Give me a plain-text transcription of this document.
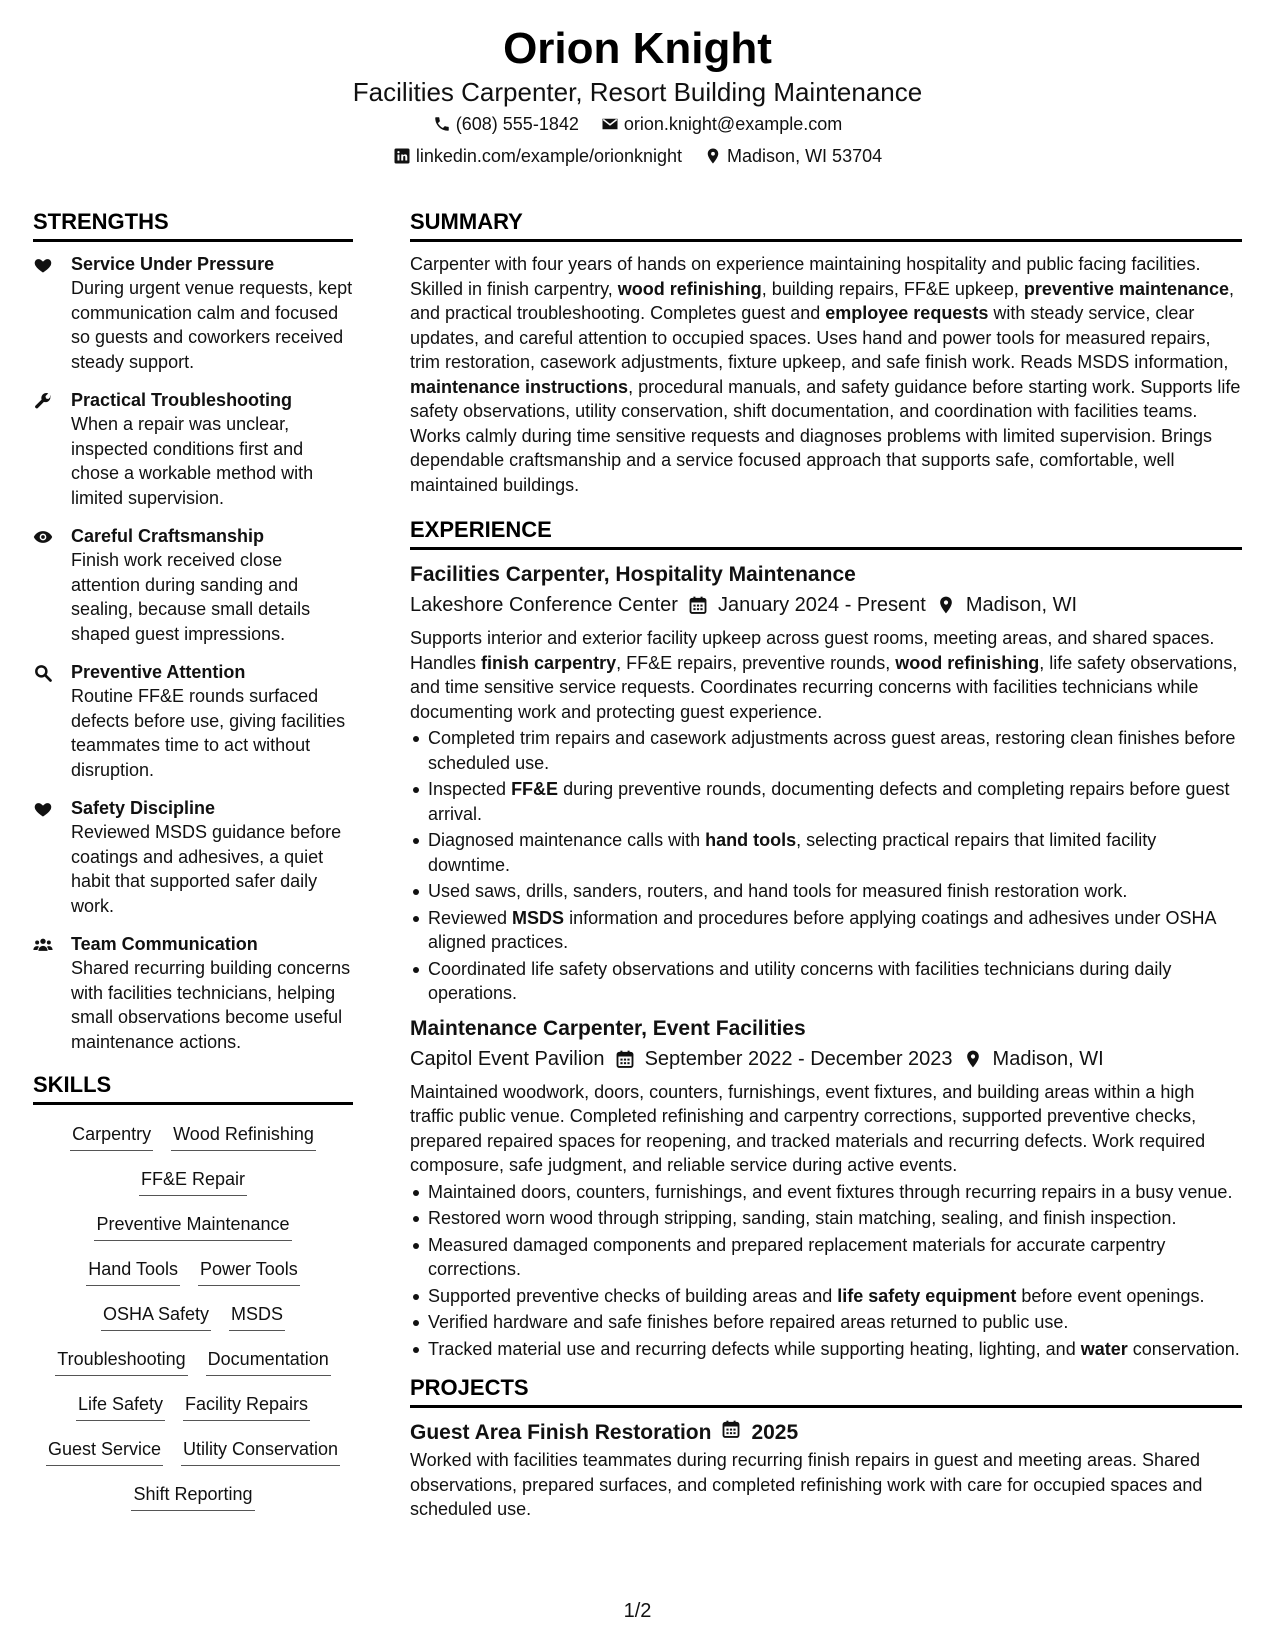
Orion Knight
Facilities Carpenter, Resort Building Maintenance
(608) 555-1842	orion.knight@example.com
linkedin.com/example/orionknight	Madison, WI 53704
STRENGTHS
Service Under Pressure
During urgent venue requests, kept communication calm and focused so guests and coworkers received steady support.
Practical Troubleshooting
When a repair was unclear, inspected conditions first and chose a workable method with limited supervision.
Careful Craftsmanship
Finish work received close attention during sanding and sealing, because small details shaped guest impressions.
Preventive Attention
Routine FF&E rounds surfaced defects before use, giving facilities teammates time to act without disruption.
Safety Discipline
Reviewed MSDS guidance before coatings and adhesives, a quiet habit that supported safer daily work.
Team Communication
Shared recurring building concerns with facilities technicians, helping small observations become useful maintenance actions.
SKILLS
Carpentry Wood Refinishing
FF&E Repair
Preventive Maintenance
Hand Tools Power Tools
OSHA Safety MSDS
Troubleshooting Documentation
Life Safety Facility Repairs
Guest Service Utility Conservation
Shift Reporting
SUMMARY
Carpenter with four years of hands on experience maintaining hospitality and public facing facilities. Skilled in finish carpentry, wood refinishing, building repairs, FF&E upkeep, preventive maintenance, and practical troubleshooting. Completes guest and employee requests with steady service, clear updates, and careful attention to occupied spaces. Uses hand and power tools for measured repairs, trim restoration, casework adjustments, fixture upkeep, and safe finish work. Reads MSDS information, maintenance instructions, procedural manuals, and safety guidance before starting work. Supports life safety observations, utility conservation, shift documentation, and coordination with facilities teams. Works calmly during time sensitive requests and diagnoses problems with limited supervision. Brings dependable craftsmanship and a service focused approach that supports safe, comfortable, well maintained buildings.
EXPERIENCE
Facilities Carpenter, Hospitality Maintenance
Lakeshore Conference Center January 2024 - Present Madison, WI
Supports interior and exterior facility upkeep across guest rooms, meeting areas, and shared spaces. Handles finish carpentry, FF&E repairs, preventive rounds, wood refinishing, life safety observations, and time sensitive service requests. Coordinates recurring concerns with facilities technicians while documenting work and protecting guest experience.
Completed trim repairs and casework adjustments across guest areas, restoring clean finishes before scheduled use.
Inspected FF&E during preventive rounds, documenting defects and completing repairs before guest arrival.
Diagnosed maintenance calls with hand tools, selecting practical repairs that limited facility downtime.
Used saws, drills, sanders, routers, and hand tools for measured finish restoration work.
Reviewed MSDS information and procedures before applying coatings and adhesives under OSHA aligned practices.
Coordinated life safety observations and utility concerns with facilities technicians during daily operations.
Maintenance Carpenter, Event Facilities
Capitol Event Pavilion September 2022 - December 2023 Madison, WI
Maintained woodwork, doors, counters, furnishings, event fixtures, and building areas within a high traffic public venue. Completed refinishing and carpentry corrections, supported preventive checks, prepared repaired spaces for reopening, and tracked materials and recurring defects. Work required composure, safe judgment, and reliable service during active events.
Maintained doors, counters, furnishings, and event fixtures through recurring repairs in a busy venue.
Restored worn wood through stripping, sanding, stain matching, sealing, and finish inspection.
Measured damaged components and prepared replacement materials for accurate carpentry corrections.
Supported preventive checks of building areas and life safety equipment before event openings.
Verified hardware and safe finishes before repaired areas returned to public use.
Tracked material use and recurring defects while supporting heating, lighting, and water conservation.
PROJECTS
Guest Area Finish Restoration 2025
Worked with facilities teammates during recurring finish repairs in guest and meeting areas. Shared observations, prepared surfaces, and completed refinishing work with care for occupied spaces and scheduled use.
1/2
